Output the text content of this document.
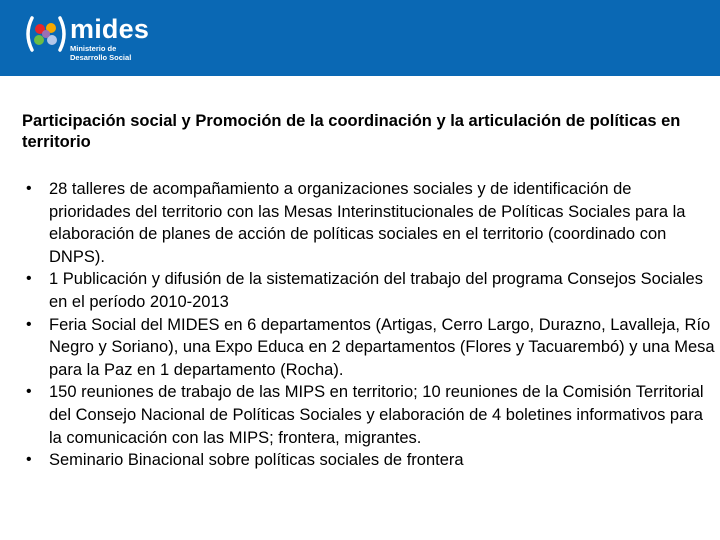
mides
Ministerio de
Desarrollo Social
Participación social y Promoción de la coordinación y la articulación de políticas en territorio
•	28 talleres de acompañamiento a organizaciones sociales y de identificación de prioridades del territorio con las Mesas Interinstitucionales de Políticas Sociales para la elaboración de planes de acción de políticas sociales en el territorio (coordinado con DNPS).
•	1 Publicación y difusión de la sistematización del trabajo del programa Consejos Sociales en el período 2010-2013
•	Feria Social del MIDES en 6 departamentos (Artigas, Cerro Largo, Durazno, Lavalleja, Río Negro y Soriano), una Expo Educa en 2 departamentos (Flores y Tacuarembó) y una Mesa para la Paz en 1 departamento (Rocha).
•	150 reuniones de trabajo de las MIPS en territorio; 10 reuniones de la Comisión Territorial del Consejo Nacional de Políticas Sociales y elaboración de 4 boletines informativos para la comunicación con las MIPS; frontera, migrantes.
•	Seminario Binacional sobre políticas sociales de frontera
